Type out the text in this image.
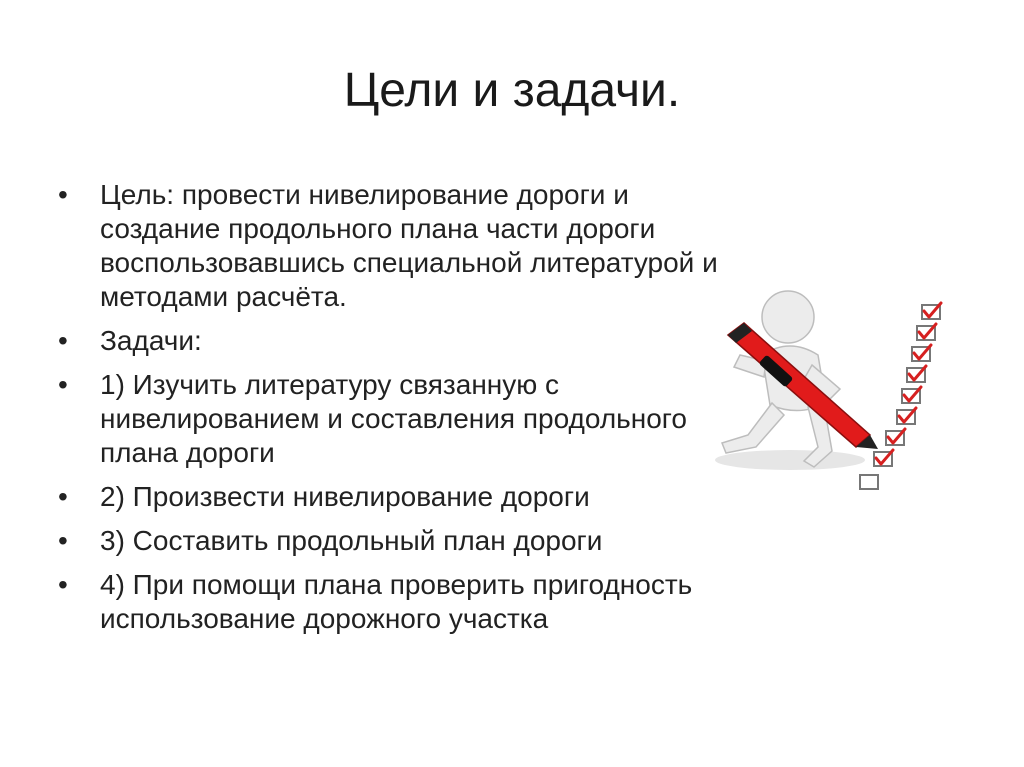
Цели и задачи.
• Цель: провести нивелирование дороги и создание продольного плана части дороги воспользовавшись специальной литературой и методами расчёта.
• Задачи:
• 1) Изучить литературу связанную с нивелированием и составления продольного плана дороги
• 2) Произвести нивелирование дороги
• 3) Составить продольный план дороги
• 4) При помощи плана проверить пригодность использование дорожного участка
